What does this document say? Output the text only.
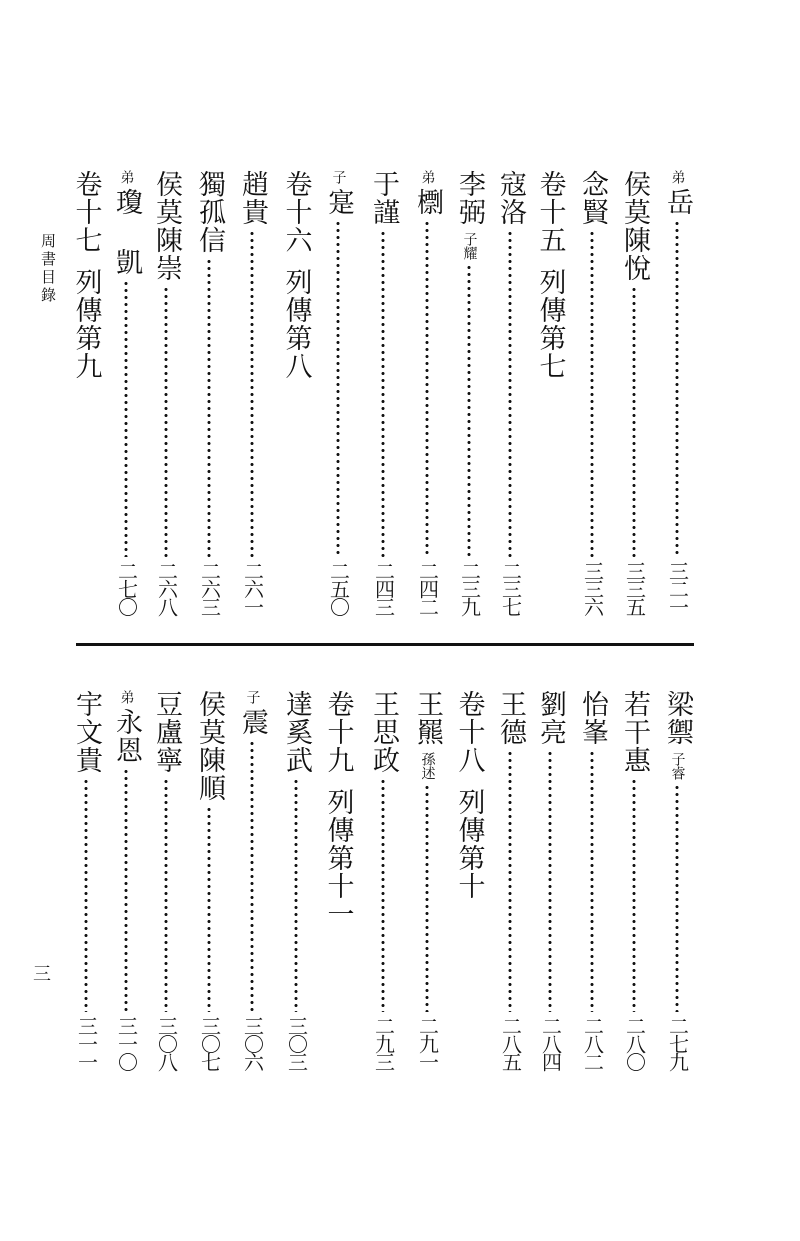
周書目錄
三
弟
岳
三二一
侯莫陳悅
三三五
念賢
三三六
卷十五列傳第七
寇洛
二三七
李弼
子耀
二三九
弟
檦
二四二
于謹
二四三
子
寔
二五〇
卷十六列傳第八
趙貴
二六一
獨孤信
二六三
侯莫陳崇
二六八
弟
瓊 凱
二七〇
卷十七列傳第九
梁禦
子睿
二七九
若干惠
二八〇
怡峯
二八二
劉亮
二八四
王德
二八五
卷十八列傳第十
王羆
孫述
二九一
王思政
二九三
卷十九列傳第十一
達奚武
三〇三
子
震
三〇六
侯莫陳順
三〇七
豆盧寧
三〇八
弟
永恩
三一〇
宇文貴
三一一
